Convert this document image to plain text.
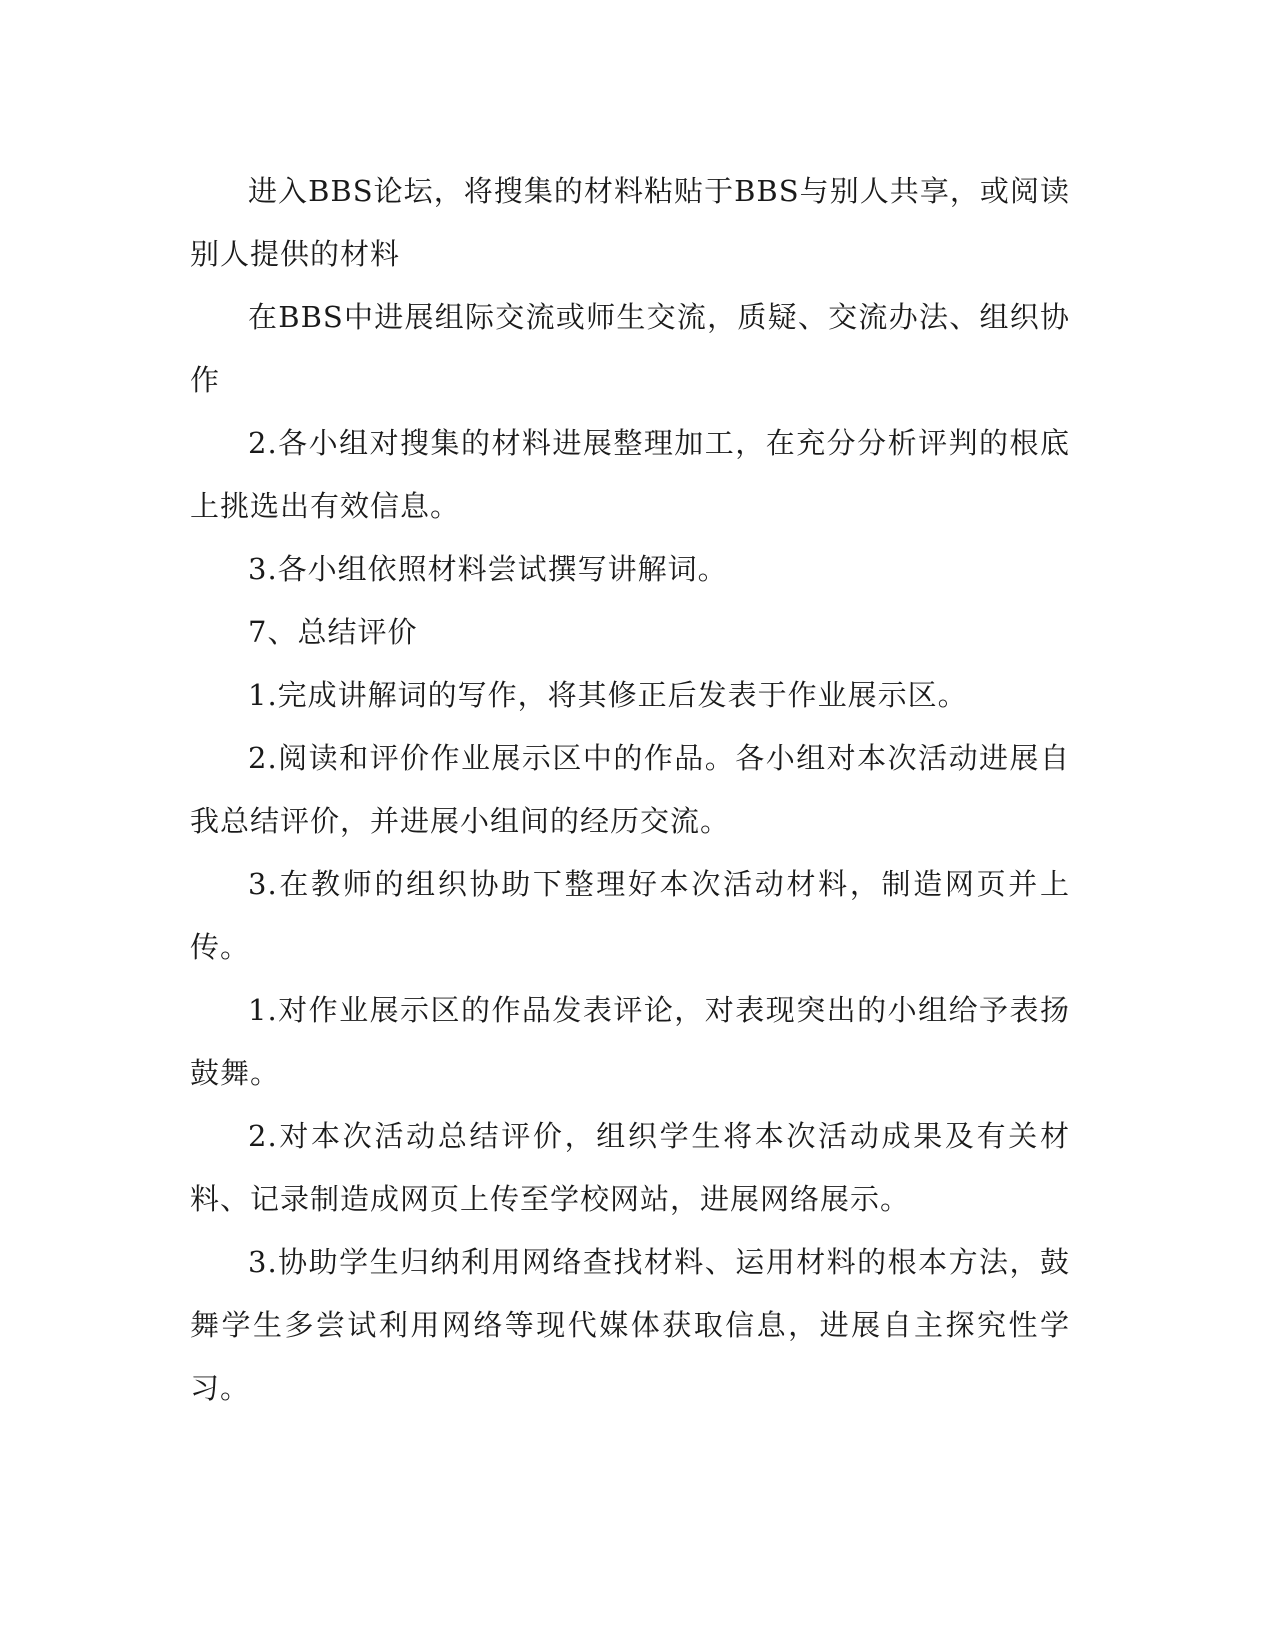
进入BBS论坛，将搜集的材料粘贴于BBS与别人共享，或阅读别人提供的材料

在BBS中进展组际交流或师生交流，质疑、交流办法、组织协作

2.各小组对搜集的材料进展整理加工，在充分分析评判的根底上挑选出有效信息。

3.各小组依照材料尝试撰写讲解词。

7、总结评价

1.完成讲解词的写作，将其修正后发表于作业展示区。

2.阅读和评价作业展示区中的作品。各小组对本次活动进展自我总结评价，并进展小组间的经历交流。

3.在教师的组织协助下整理好本次活动材料，制造网页并上传。

1.对作业展示区的作品发表评论，对表现突出的小组给予表扬鼓舞。

2.对本次活动总结评价，组织学生将本次活动成果及有关材料、记录制造成网页上传至学校网站，进展网络展示。

3.协助学生归纳利用网络查找材料、运用材料的根本方法，鼓舞学生多尝试利用网络等现代媒体获取信息，进展自主探究性学习。
